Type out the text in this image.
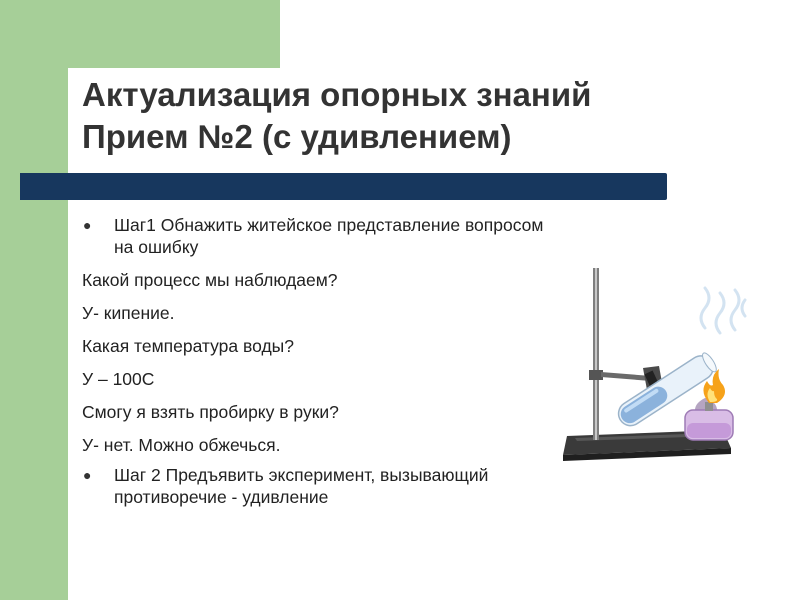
Актуализация опорных знаний
Прием №2 (с удивлением)
● Шаг1 Обнажить житейское представление вопросом на ошибку
Какой процесс мы наблюдаем?
У- кипение.
Какая температура воды?
У – 100С
Смогу я взять пробирку в руки?
У- нет. Можно обжечься.
● Шаг 2 Предъявить эксперимент, вызывающий противоречие - удивление
